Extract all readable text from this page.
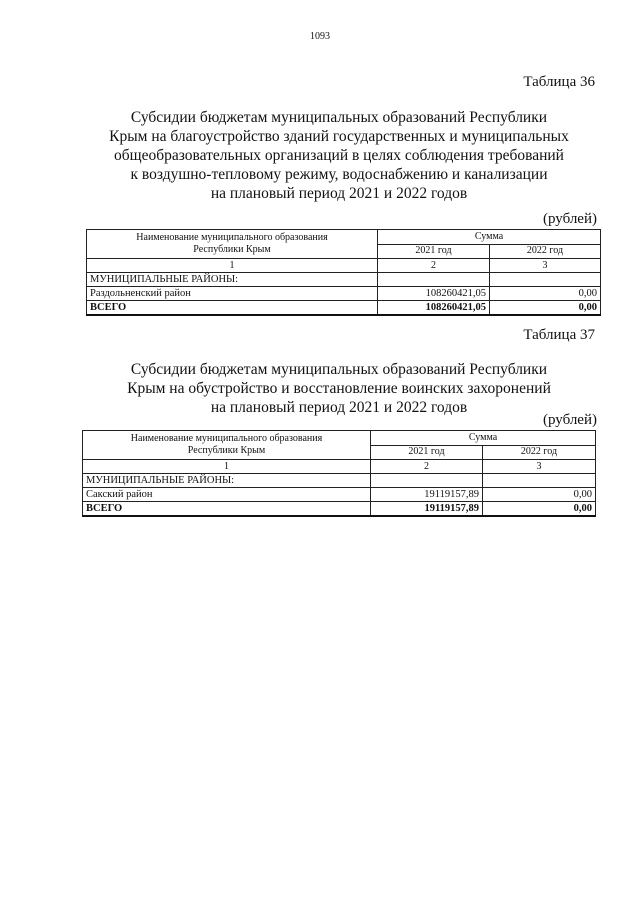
1093
Таблица 36
Субсидии бюджетам муниципальных образований Республики
Крым на благоустройство зданий государственных и муниципальных
общеобразовательных организаций в целях соблюдения требований
к воздушно-тепловому режиму, водоснабжению и канализации
на плановый период 2021 и 2022 годов
(рублей)
Наименование муниципального образования
Республики Крым	Сумма	
	2021 год	2022 год
1	2	3
МУНИЦИПАЛЬНЫЕ РАЙОНЫ:		
Раздольненский район	108260421,05	0,00
ВСЕГО	108260421,05	0,00
Таблица 37
Субсидии бюджетам муниципальных образований Республики
Крым на обустройство и восстановление воинских захоронений
на плановый период 2021 и 2022 годов
(рублей)
Наименование муниципального образования
Республики Крым	Сумма	
	2021 год	2022 год
1	2	3
МУНИЦИПАЛЬНЫЕ РАЙОНЫ:		
Сакский район	19119157,89	0,00
ВСЕГО	19119157,89	0,00
